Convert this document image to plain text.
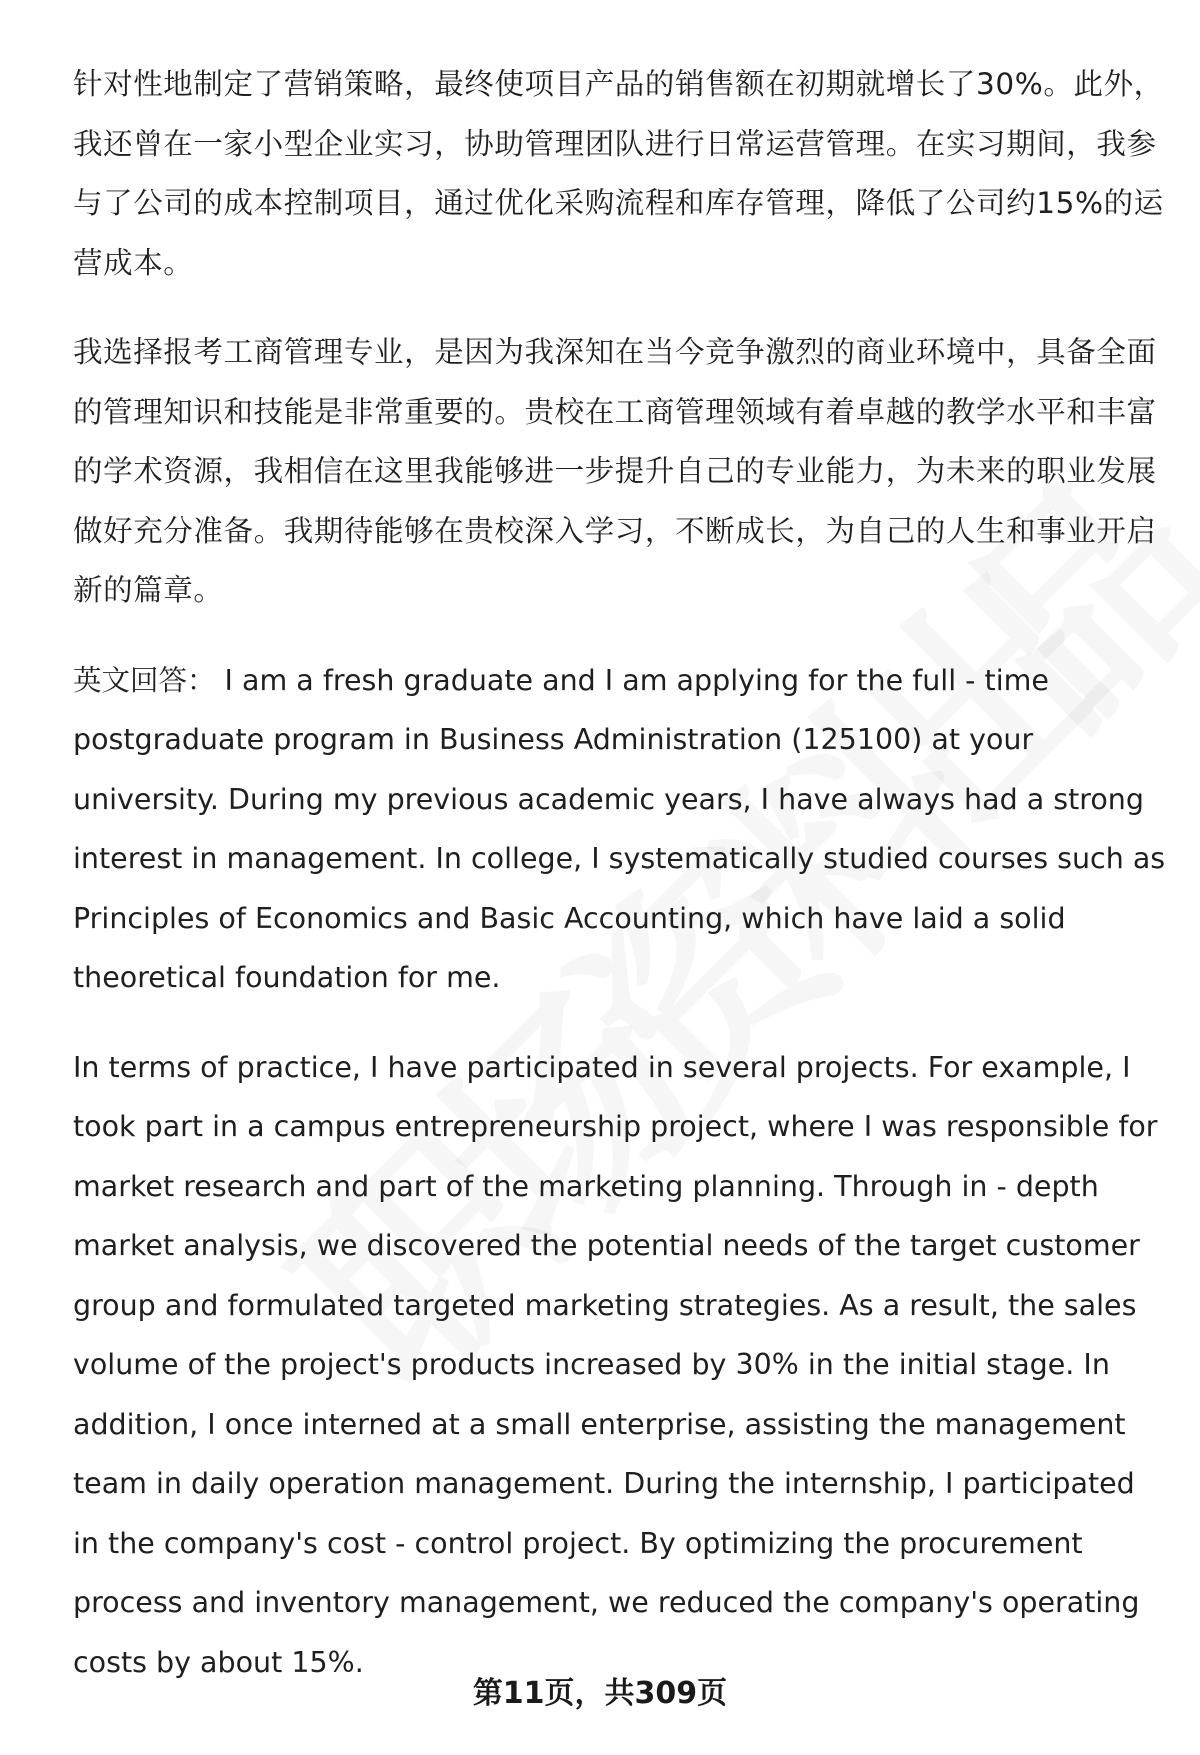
针对性地制定了营销策略，最终使项目产品的销售额在初期就增长了30%。此外，
我还曾在一家小型企业实习，协助管理团队进行日常运营管理。在实习期间，我参
与了公司的成本控制项目，通过优化采购流程和库存管理，降低了公司约15%的运
营成本。
我选择报考工商管理专业，是因为我深知在当今竞争激烈的商业环境中，具备全面
的管理知识和技能是非常重要的。贵校在工商管理领域有着卓越的教学水平和丰富
的学术资源，我相信在这里我能够进一步提升自己的专业能力，为未来的职业发展
做好充分准备。我期待能够在贵校深入学习，不断成长，为自己的人生和事业开启
新的篇章。
英文回答： I am a fresh graduate and I am applying for the full - time
postgraduate program in Business Administration (125100) at your
university. During my previous academic years, I have always had a strong
interest in management. In college, I systematically studied courses such as
Principles of Economics and Basic Accounting, which have laid a solid
theoretical foundation for me.
In terms of practice, I have participated in several projects. For example, I
took part in a campus entrepreneurship project, where I was responsible for
market research and part of the marketing planning. Through in - depth
market analysis, we discovered the potential needs of the target customer
group and formulated targeted marketing strategies. As a result, the sales
volume of the project's products increased by 30% in the initial stage. In
addition, I once interned at a small enterprise, assisting the management
team in daily operation management. During the internship, I participated
in the company's cost - control project. By optimizing the procurement
process and inventory management, we reduced the company's operating
costs by about 15%.
第11页，共309页
